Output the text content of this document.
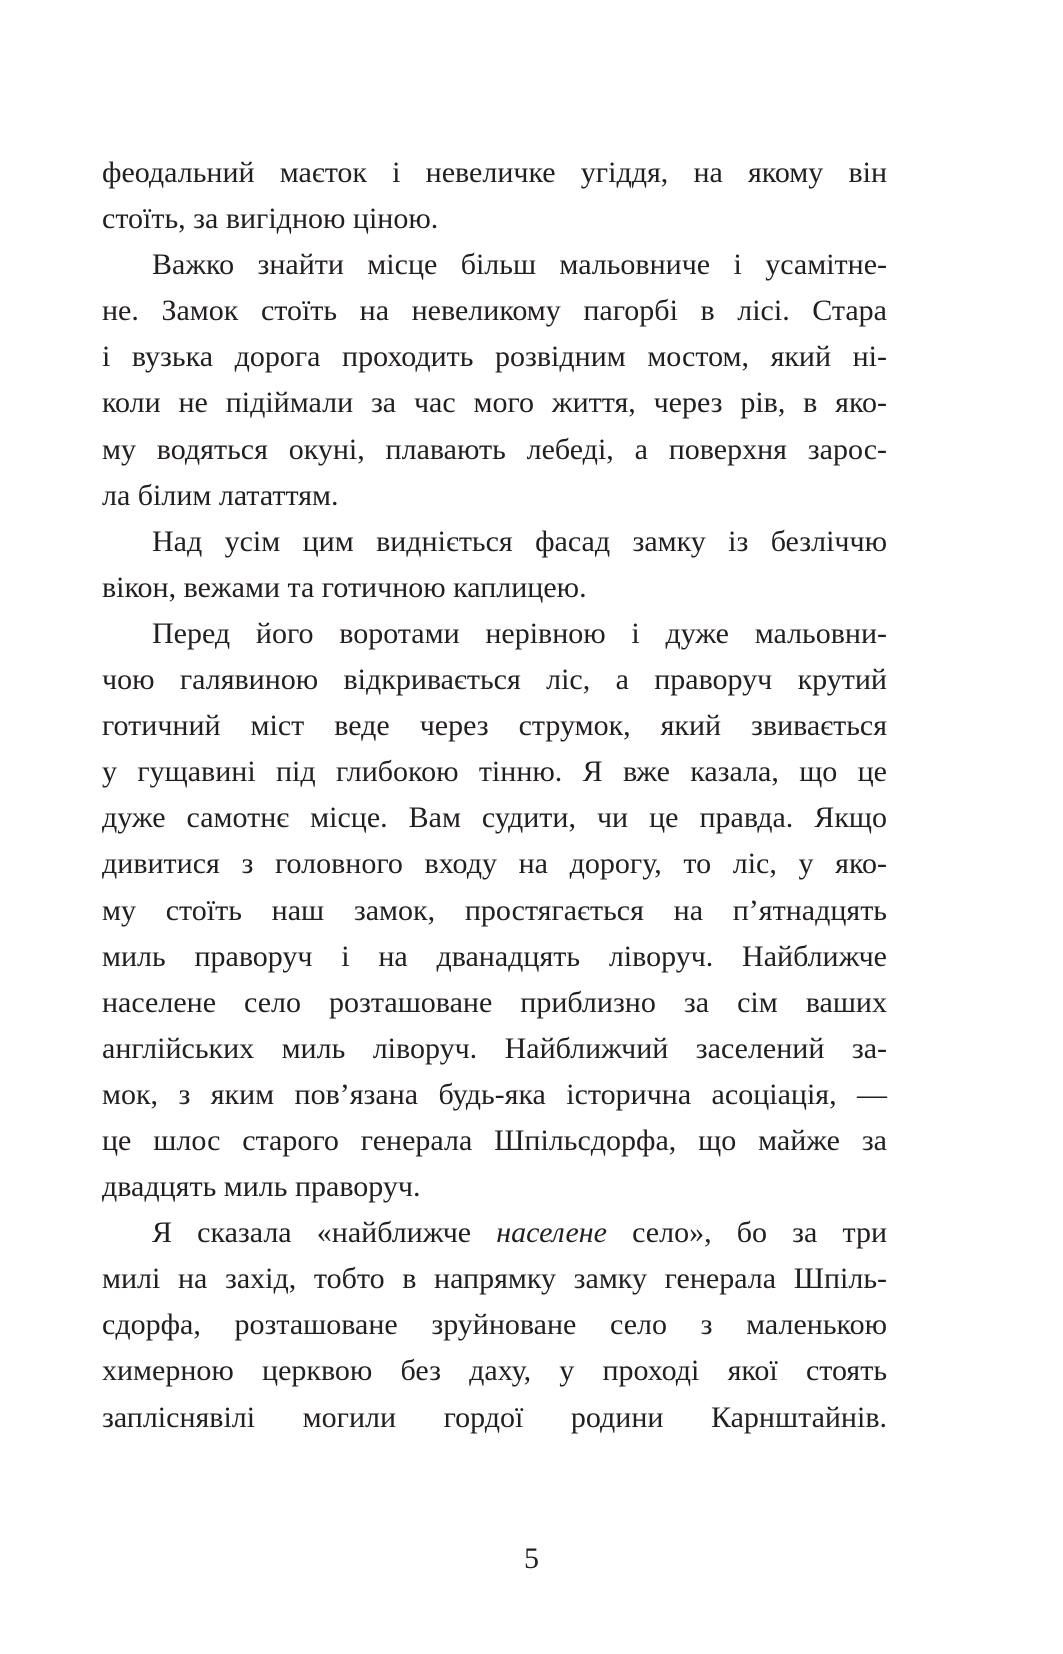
феодальний маєток і невеличке угіддя, на якому він
стоїть, за вигідною ціною.
Важко знайти місце більш мальовниче і усамітне-
не. Замок стоїть на невеликому пагорбі в лісі. Стара
і вузька дорога проходить розвідним мостом, який ні-
коли не підіймали за час мого життя, через рів, в яко-
му водяться окуні, плавають лебеді, а поверхня зарос-
ла білим лататтям.
Над усім цим видніється фасад замку із безліччю
вікон, вежами та готичною каплицею.
Перед його воротами нерівною і дуже мальовни-
чою галявиною відкривається ліс, а праворуч крутий
готичний міст веде через струмок, який звивається
у гущавині під глибокою тінню. Я вже казала, що це
дуже самотнє місце. Вам судити, чи це правда. Якщо
дивитися з головного входу на дорогу, то ліс, у яко-
му стоїть наш замок, простягається на п’ятнадцять
миль праворуч і на дванадцять ліворуч. Найближче
населене село розташоване приблизно за сім ваших
англійських миль ліворуч. Найближчий заселений за-
мок, з яким пов’язана будь-яка історична асоціація, —
це шлос старого генерала Шпільсдорфа, що майже за
двадцять миль праворуч.
Я сказала «найближче населене село», бо за три
милі на захід, тобто в напрямку замку генерала Шпіль-
сдорфа, розташоване зруйноване село з маленькою
химерною церквою без даху, у проході якої стоять
запліснявілі могили гордої родини Карнштайнів.
5
